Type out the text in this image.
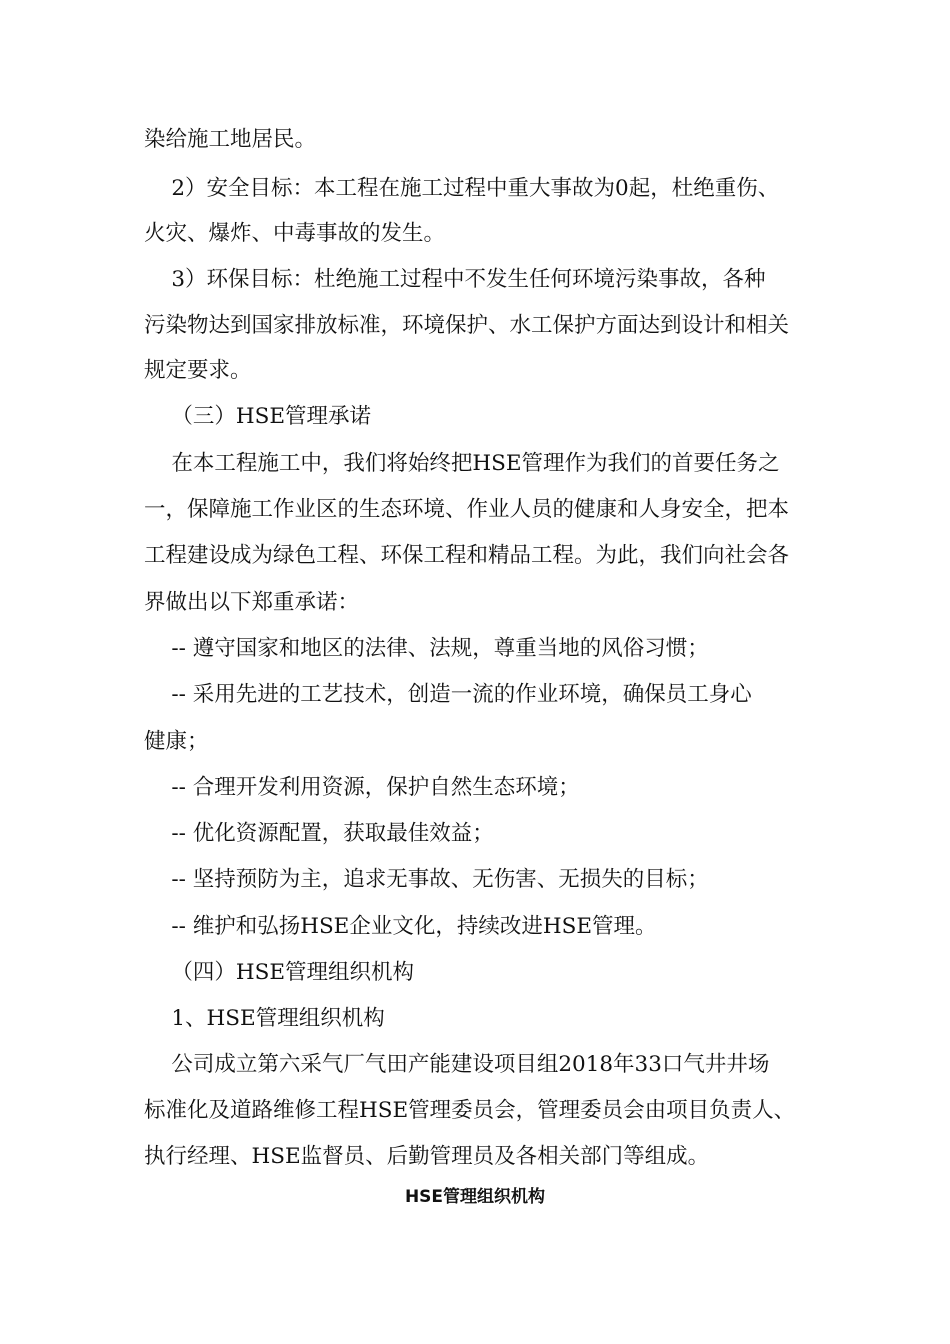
染给施工地居民。
2）安全目标：本工程在施工过程中重大事故为0起，杜绝重伤、
火灾、爆炸、中毒事故的发生。
3）环保目标：杜绝施工过程中不发生任何环境污染事故，各种
污染物达到国家排放标准，环境保护、水工保护方面达到设计和相关
规定要求。
（三）HSE管理承诺
在本工程施工中，我们将始终把HSE管理作为我们的首要任务之
一，保障施工作业区的生态环境、作业人员的健康和人身安全，把本
工程建设成为绿色工程、环保工程和精品工程。为此，我们向社会各
界做出以下郑重承诺：
-- 遵守国家和地区的法律、法规，尊重当地的风俗习惯；
-- 采用先进的工艺技术，创造一流的作业环境，确保员工身心
健康；
-- 合理开发利用资源，保护自然生态环境；
-- 优化资源配置，获取最佳效益；
-- 坚持预防为主，追求无事故、无伤害、无损失的目标；
-- 维护和弘扬HSE企业文化，持续改进HSE管理。
（四）HSE管理组织机构
1、HSE管理组织机构
公司成立第六采气厂气田产能建设项目组2018年33口气井井场
标准化及道路维修工程HSE管理委员会，管理委员会由项目负责人、
执行经理、HSE监督员、后勤管理员及各相关部门等组成。
HSE管理组织机构
